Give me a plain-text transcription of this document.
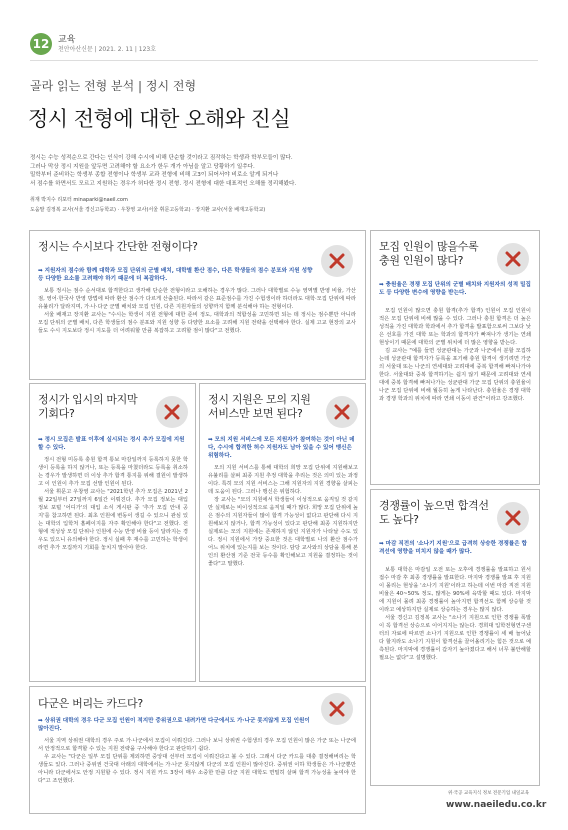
12 교육
천안아산신문 | 2021. 2. 11 | 123호
골라 읽는 전형 분석 | 정시 전형
정시 전형에 대한 오해와 진실

정시는 수능 성적순으로 간다는 인식이 강해 수시에 비해 단순할 것이라고 짐작하는 학생과 학부모들이 많다.

그러나 막상 정시 지원을 앞두면 고려해야 할 요소가 한두 개가 아님을 알고 당황하기 일쑤다.

밀학부터 준비하는 학생부 종합 전형이나 학생부 교과 전형에 비해 고3이 되어서야 비로소 알게 되거나

서 점수를 하면서도 모르고 지원하는 경우가 허다한 정시 전형. 정시 전형에 대한 대표적인 오해를 정리해봤다.

취재 박지수 리포터 minaparki@naeil.com
도움말 김정복 교사(서울 경신고등학교) · 우창영 교사(서울 휘문고등학교) · 장지환 교사(서울 배재고등학교)
정시는 수시보다 간단한 전형이다?
➡ 지원자의 점수와 함께 대학과 모집 단위의 군별 배치, 대학별 환산 점수, 다른 학생들의 점수 분포와 지원 성향 등 다양한 요소를 고려해야 하기 때문에 더 복잡하다.

보통 정시는 점수 순서대로 합격한다고 생각해 단순한 전형이라고 오해하는 경우가 많다. 그러나 대학별로 수능 영역별 반영 비율, 가산점, 영어·한국사 반영 방법에 따라 환산 점수가 다르게 산출된다. 따라서 같은 표준점수를 가진 수험생이라 하더라도 대학·모집 단위에 따라 유불리가 달라지며, 가·나·다군 군별 배치와 모집 인원, 다른 지원자들의 성향까지 함께 분석해야 하는 전형이다.

서울 배재고 장지환 교사는 "수시는 학생이 지원 전형에 대한 준비 정도, 대학과의 적합성을 고민하면 되는 데 정시는 점수뿐만 아니라 모집 단위의 군별 배치, 다른 학생들의 점수 분포와 지원 성향 등 다양한 요소를 고려해 지원 전략을 선택해야 한다. 실제 고교 현장의 교사들도 수시 지도보다 정시 지도를 더 어려워할 만큼 복잡하고 고려할 점이 많다"고 전했다.

모집 인원이 많을수록 충원 인원이 많다?
➡ 충원율은 경쟁 모집 단위의 군별 배치와 지원자의 성적 밀집도 등 다양한 변수에 영향을 받는다.

모집 인원이 많으면 충원 합격(추가 합격) 인원이 모집 인원이 적은 모집 단위에 비해 많을 수 있다. 그러나 충원 합격은 더 높은 성적을 가진 대학과 학과에서 추가 합격을 발표함으로써 그보다 낮은 선호를 가진 대학 또는 학과의 합격자가 빠져나가 생기는 연쇄 현상이기 때문에 대학의 군별 위치에 더 많은 영향을 받는다.

김 교사는 "예를 들면 성균관대는 가군과 나군에서 분할 모집하는데 성균관대 합격자가 등록을 포기해 충원 합격이 생기려면 가군의 서울대 또는 나군의 연세대와 고려대에 중복 합격해 빠져나가야 한다. 서울대와 중복 합격하기는 쉽지 않기 때문에 고려대와 연세대에 중복 합격해 빠져나가는 성균관대 가군 모집 단위의 충원율이 나군 모집 단위에 비해 월등히 높게 나타난다. 충원율은 경쟁 대학과 경쟁 학과의 위치에 따라 연쇄 이동이 관건"이라고 강조했다.

정시가 입시의 마지막 기회다?
➡ 정시 모집은 발표 이후에 실시되는 정시 추가 모집에 지원할 수 있다.

정시 전형 미등록 충원 합격 통보 마감일까지 등록하지 못한 학생이 등록을 하지 않거나, 또는 등록을 마쳤더라도 등록을 취소하는 경우가 발생하면 더 이상 추가 합격 통지를 위해 결원이 발생하고 이 인원이 추가 모집 선발 인원이 된다.

서울 휘문고 우창영 교사는 "2021학년 추가 모집은 2021년 2월 22일부터 27일까지 6일간 이뤄진다. 추가 모집 정보는 대입 정보 포털 '어디가'의 대입 소식 게시판 중 '추가 모집 안내 공지'를 참고하면 된다. 최초 인원에 변동이 생길 수 있으니 관심 있는 대학의 입학처 홈페이지를 자주 확인해야 한다"고 전했다. 전형에 적성상 모집 단위나 인원에 수능 반영 비율 등이 달라지는 경우도 있으니 유의해야 한다. 정시 실패 후 재수를 고민하는 학생이라면 추가 모집까지 기회를 놓치지 말아야 한다.

정시 지원은 모의 지원 서비스만 보면 된다?
➡ 모의 지원 서비스에 모든 지원자가 참여하는 것이 아닌 데다, 수시에 합격한 허수 지원자도 남아 있을 수 있어 맹신은 위험하다.

모의 지원 서비스를 통해 대학의 희망 모집 단위에 지원해보고 유불리를 살펴 최종 지원 추정 대학을 추리는 것은 의미 있는 과정이다. 특히 모의 지원 서비스는 그해 지원자의 지원 경향을 살피는 데 도움이 된다. 그러나 맹신은 위험하다.

장 교사는 "모의 지원에서 학생들이 이성적으로 움직일 것 같지만 실제로는 비이성적으로 움직일 때가 많다. 희망 모집 단위에 높은 점수의 지원자들이 많이 합격 가능성이 없다고 판단해 다시 지원해보지 않거나, 합격 가능성이 있다고 판단해 최종 지원하지만 실제로는 모의 지원에는 존재하지 않던 지원자가 나타날 수도 있다. 정시 지원에서 가장 중요한 것은 대학별로 나의 환산 점수가 어느 위치에 있는지를 보는 것이다. 담당 교사와의 상담을 통해 본인의 환산점 기준 전국 등수를 확인해보고 지원을 결정하는 것이 좋다"고 말했다.

경쟁률이 높으면 합격선도 높다?
➡ 마감 직전의 '소나기 지원'으로 급격히 상승한 경쟁률은 합격선에 영향을 미치지 않을 때가 많다.

보통 대학은 마감일 오전 또는 오후에 경쟁률을 발표하고 원서 접수 마감 후 최종 경쟁률을 발표한다. 마지막 경쟁률 발표 후 지원이 몰리는 현상을 '소나기 지원'이라고 하는데 이번 마감 직전 지원 비율은 40~50% 정도, 많게는 90%에 육박할 때도 있다. 마지막에 지원이 몰려 최종 경쟁률이 높아지면 합격선도 함께 상승할 것이라고 예상하지만 실제로 상승하는 경우는 많지 않다.

서울 경신고 김정복 교사는 "소나기 지원으로 인한 경쟁률 폭발이 꼭 합격선 상승으로 이어지지는 않는다. 경희대 입학전형연구센터의 자료에 따르면 소나기 지원으로 인한 경쟁률이 세 배 늘어났다 할지라도 소나기 지원이 합격선을 끌어올리기는 힘든 것으로 예측된다. 마지막에 경쟁률이 갑자기 높아졌다고 해서 너무 불안해할 필요는 없다"고 설명했다.

다군은 버리는 카드다?
➡ 상위권 대학의 경우 다군 모집 인원이 적지만 중위권으로 내려가면 다군에서도 가·나군 못지않게 모집 인원이 많아진다.

서울 지역 상위권 대학의 경우 주로 가·나군에서 모집이 이뤄진다. 그러나 보니 상위권 수험생의 경우 모집 인원이 많은 가군 또는 나군에서 안정적으로 합격할 수 있는 지원 전략을 구사해야 한다고 판단하기 쉽다.

우 교사는 "다군은 일부 모집 단위를 제외하면 중앙대 선부터 모집이 이뤄진다고 볼 수 있다. 그래서 다군 카드를 대충 결정해버리는 학생들도 있다. 그러나 중위권 건국대 아래의 대학에서는 가·나군 못지않게 다군의 모집 인원이 많아진다. 중위권 이하 학생들은 가·나군뿐만 아니라 다군에서도 안정 지원할 수 있다. 정시 지원 카드 3장이 매우 소중한 만큼 다군 지원 대학도 면밀히 살펴 합격 가능성을 높여야 한다"고 조언했다.

위·국공 교육지식 정보 전문기업 내일교육
www.naeiledu.co.kr
